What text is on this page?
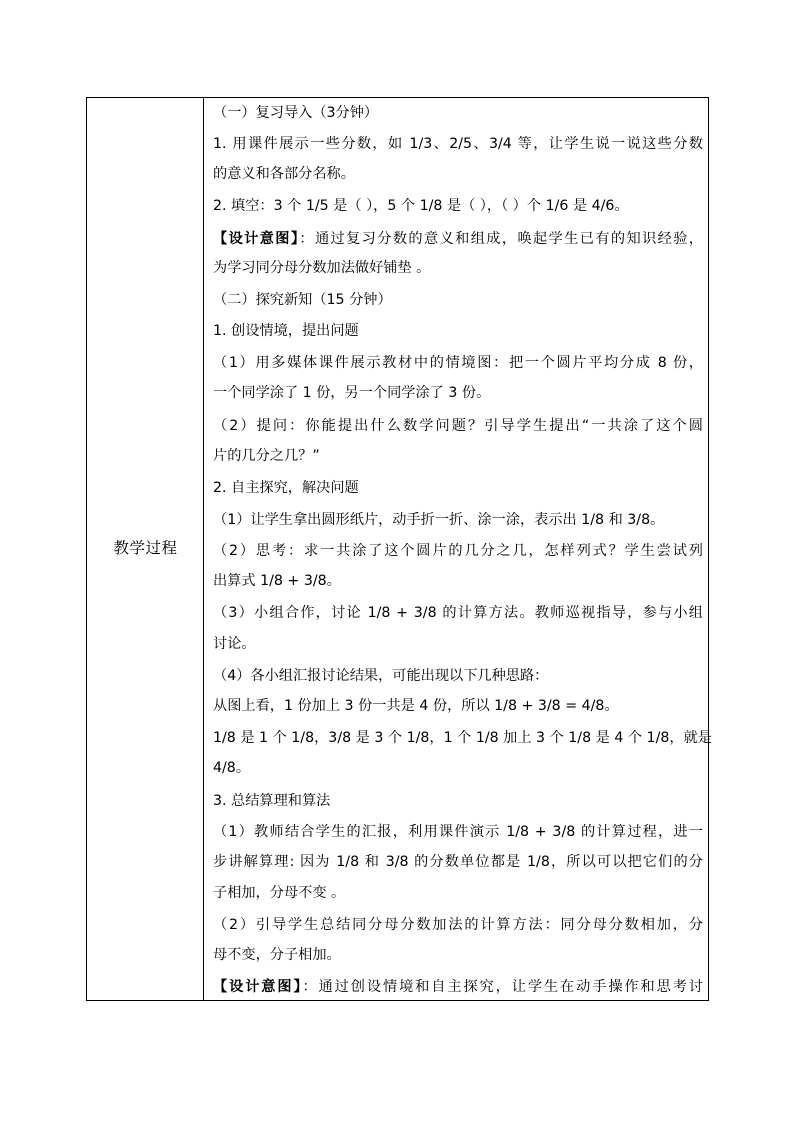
教学过程
（一）复习导入（3分钟）
1. 用课件展示一些分数，如 1/3、2/5、3/4 等，让学生说一说这些分数
的意义和各部分名称。
2. 填空：3 个 1/5 是（ ），5 个 1/8 是（ ），（ ）个 1/6 是 4/6。
【设计意图】：通过复习分数的意义和组成，唤起学生已有的知识经验，
为学习同分母分数加法做好铺垫 。
（二）探究新知（15 分钟）
1. 创设情境，提出问题
（1）用多媒体课件展示教材中的情境图：把一个圆片平均分成 8 份，
一个同学涂了 1 份，另一个同学涂了 3 份。
（2）提问：你能提出什么数学问题？引导学生提出“一共涂了这个圆
片的几分之几？”
2. 自主探究，解决问题
（1）让学生拿出圆形纸片，动手折一折、涂一涂，表示出 1/8 和 3/8。
（2）思考：求一共涂了这个圆片的几分之几，怎样列式？学生尝试列
出算式 1/8 + 3/8。
（3）小组合作，讨论 1/8 + 3/8 的计算方法。教师巡视指导，参与小组
讨论。
（4）各小组汇报讨论结果，可能出现以下几种思路：
从图上看，1 份加上 3 份一共是 4 份，所以 1/8 + 3/8 = 4/8。
1/8 是 1 个 1/8，3/8 是 3 个 1/8，1 个 1/8 加上 3 个 1/8 是 4 个 1/8，就是
4/8。
3. 总结算理和算法
（1）教师结合学生的汇报，利用课件演示 1/8 + 3/8 的计算过程，进一
步讲解算理: 因为 1/8 和 3/8 的分数单位都是 1/8，所以可以把它们的分
子相加，分母不变 。
（2）引导学生总结同分母分数加法的计算方法：同分母分数相加，分
母不变，分子相加。
【设计意图】：通过创设情境和自主探究，让学生在动手操作和思考讨
